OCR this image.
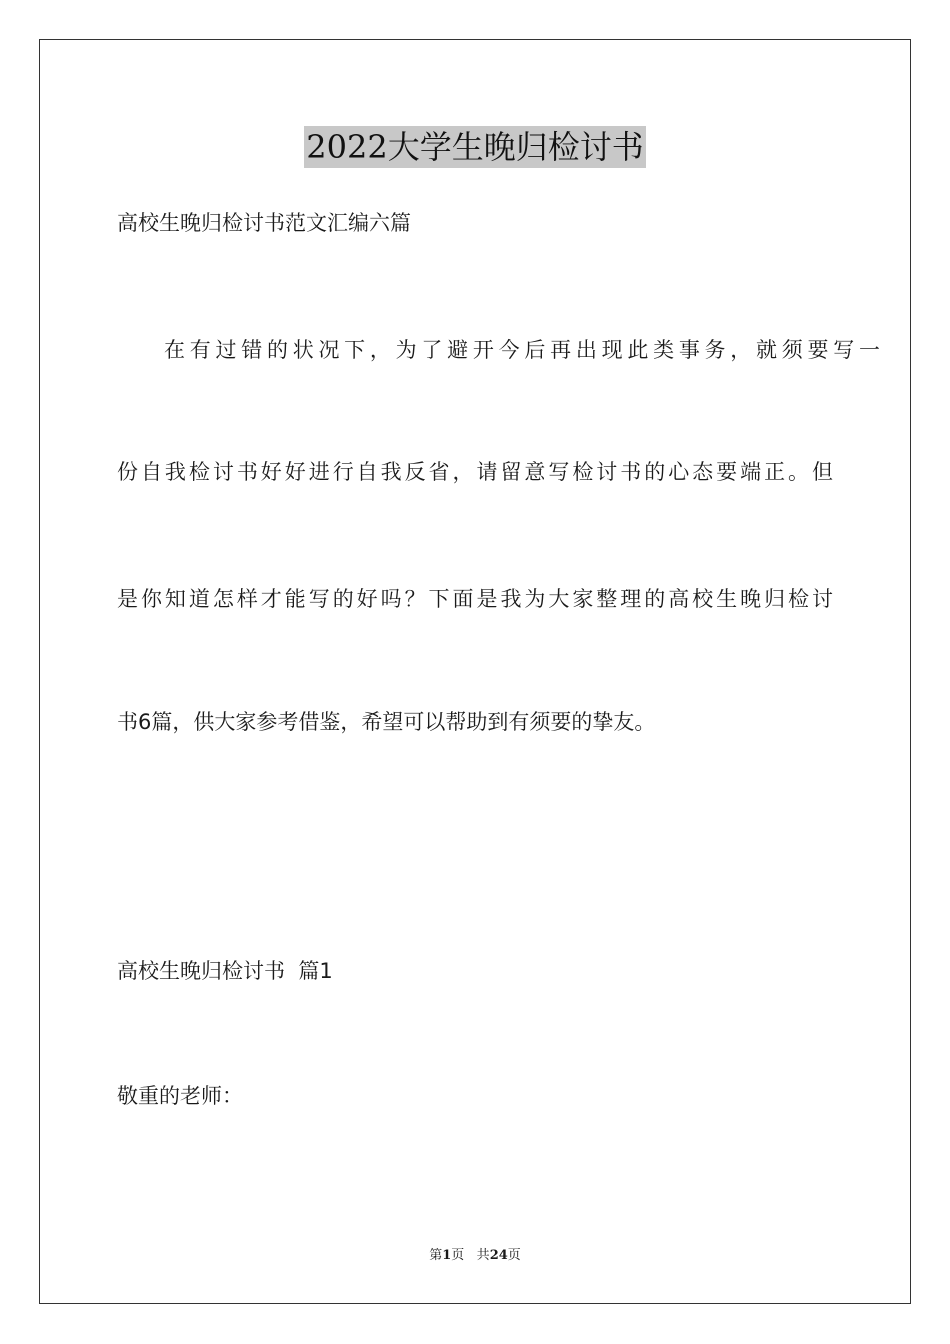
2022大学生晚归检讨书
高校生晚归检讨书范文汇编六篇
在有过错的状况下，为了避开今后再出现此类事务，就须要写一
份自我检讨书好好进行自我反省，请留意写检讨书的心态要端正。但
是你知道怎样才能写的好吗？下面是我为大家整理的高校生晚归检讨
书6篇，供大家参考借鉴，希望可以帮助到有须要的挚友。
高校生晚归检讨书  篇1
敬重的老师：
第1页 共24页
